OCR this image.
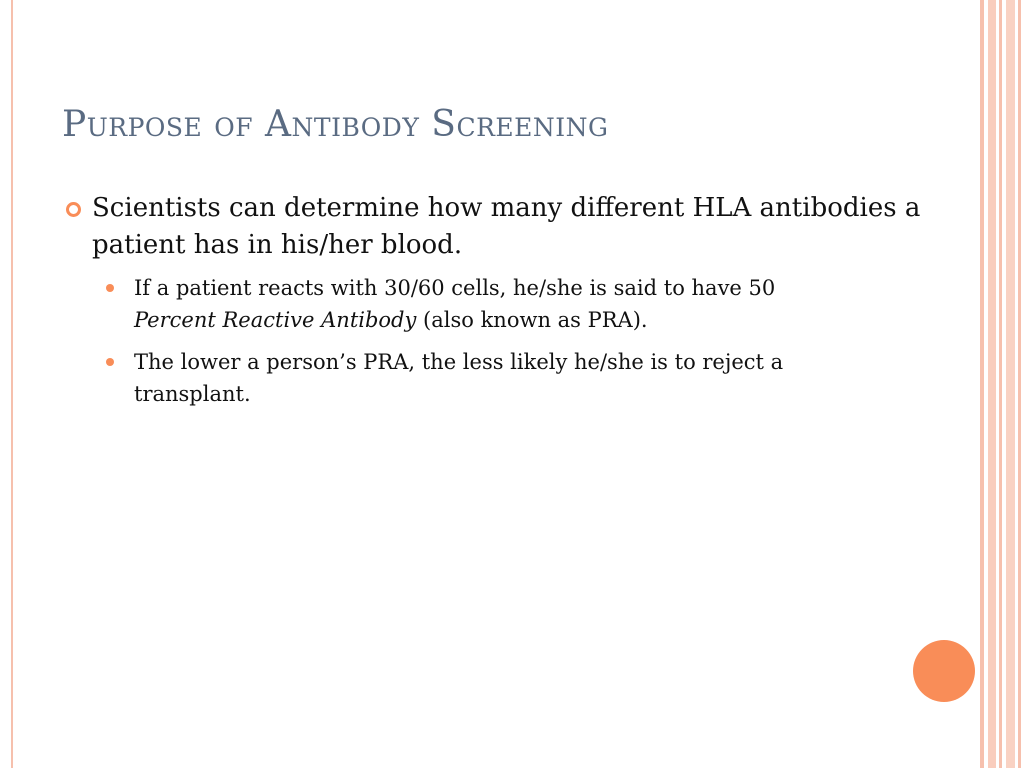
Purpose of Antibody Screening
Scientists can determine how many different HLA antibodies a patient has in his/her blood.
If a patient reacts with 30/60 cells, he/she is said to have 50 Percent Reactive Antibody (also known as PRA).
The lower a person’s PRA, the less likely he/she is to reject a transplant.
